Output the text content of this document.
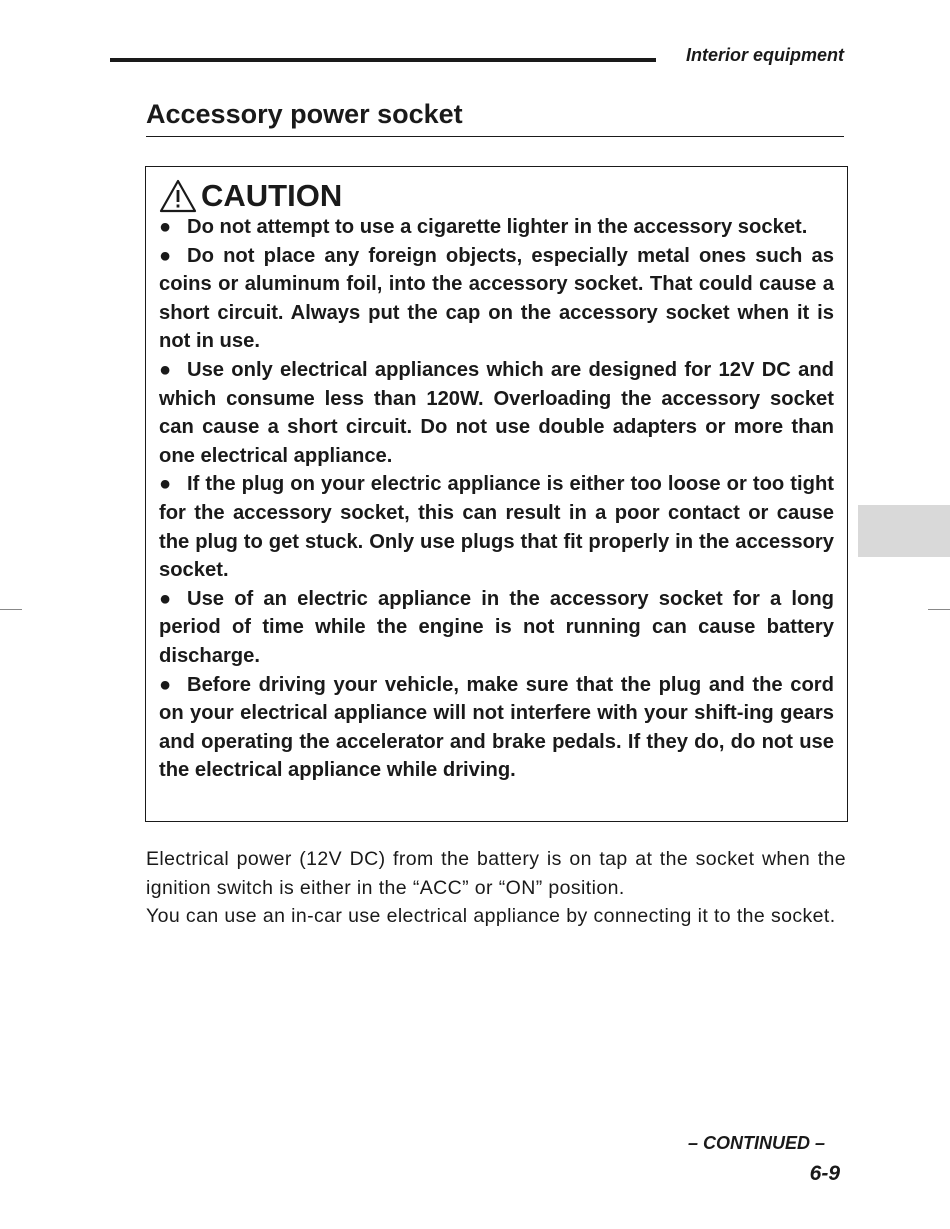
Interior equipment
Accessory power socket
CAUTION
● Do not attempt to use a cigarette lighter in the accessory socket.
● Do not place any foreign objects, especially metal ones such as coins or aluminum foil, into the accessory socket. That could cause a short circuit. Always put the cap on the accessory socket when it is not in use.
● Use only electrical appliances which are designed for 12V DC and which consume less than 120W. Overloading the accessory socket can cause a short circuit. Do not use double adapters or more than one electrical appliance.
● If the plug on your electric appliance is either too loose or too tight for the accessory socket, this can result in a poor contact or cause the plug to get stuck. Only use plugs that fit properly in the accessory socket.
● Use of an electric appliance in the accessory socket for a long period of time while the engine is not running can cause battery discharge.
● Before driving your vehicle, make sure that the plug and the cord on your electrical appliance will not interfere with your shift-ing gears and operating the accelerator and brake pedals. If they do, do not use the electrical appliance while driving.

Electrical power (12V DC) from the battery is on tap at the socket when the ignition switch is either in the “ACC” or “ON” position.

You can use an in-car use electrical appliance by connecting it to the socket.

– CONTINUED –
6-9
